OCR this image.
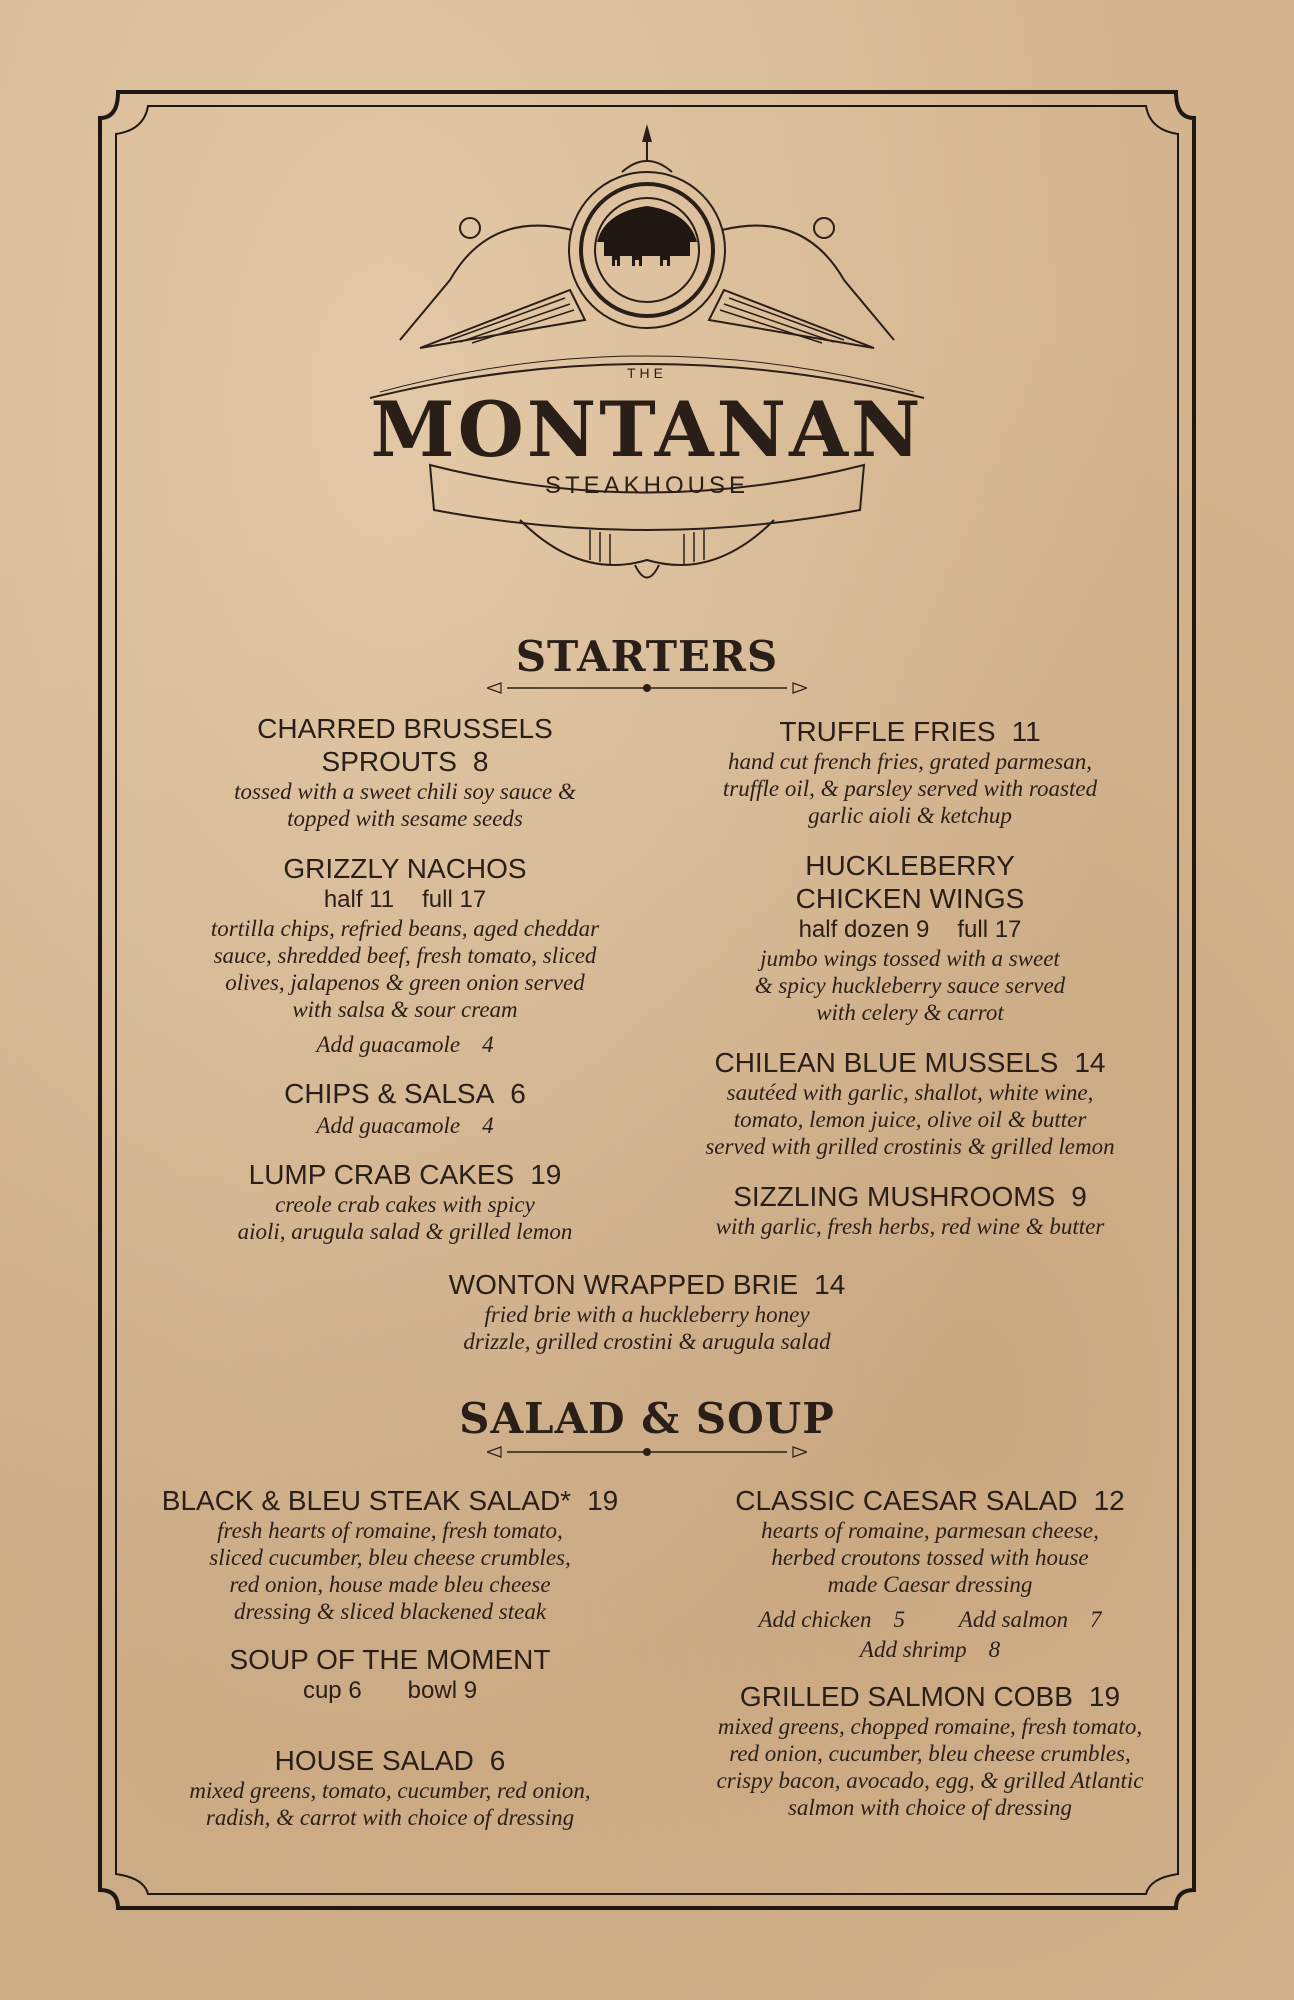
THE
MONTANAN
STEAKHOUSE
STARTERS

CHARRED BRUSSELS

SPROUTS 8

tossed with a sweet chili soy sauce &

topped with sesame seeds

GRIZZLY NACHOS

half 11 full 17

tortilla chips, refried beans, aged cheddar

sauce, shredded beef, fresh tomato, sliced

olives, jalapenos & green onion served

with salsa & sour cream

Add guacamole 4

CHIPS & SALSA 6

Add guacamole 4

LUMP CRAB CAKES 19

creole crab cakes with spicy

aioli, arugula salad & grilled lemon

TRUFFLE FRIES 11

hand cut french fries, grated parmesan,

truffle oil, & parsley served with roasted

garlic aioli & ketchup

HUCKLEBERRY

CHICKEN WINGS

half dozen 9 full 17

jumbo wings tossed with a sweet

& spicy huckleberry sauce served

with celery & carrot

CHILEAN BLUE MUSSELS 14

sautéed with garlic, shallot, white wine,

tomato, lemon juice, olive oil & butter

served with grilled crostinis & grilled lemon

SIZZLING MUSHROOMS 9

with garlic, fresh herbs, red wine & butter

WONTON WRAPPED BRIE 14

fried brie with a huckleberry honey

drizzle, grilled crostini & arugula salad

SALAD & SOUP

BLACK & BLEU STEAK SALAD* 19

fresh hearts of romaine, fresh tomato,

sliced cucumber, bleu cheese crumbles,

red onion, house made bleu cheese

dressing & sliced blackened steak

SOUP OF THE MOMENT

cup 6 bowl 9

HOUSE SALAD 6

mixed greens, tomato, cucumber, red onion,

radish, & carrot with choice of dressing

CLASSIC CAESAR SALAD 12

hearts of romaine, parmesan cheese,

herbed croutons tossed with house

made Caesar dressing

Add chicken 5 Add salmon 7

Add shrimp 8

GRILLED SALMON COBB 19

mixed greens, chopped romaine, fresh tomato,

red onion, cucumber, bleu cheese crumbles,

crispy bacon, avocado, egg, & grilled Atlantic

salmon with choice of dressing
